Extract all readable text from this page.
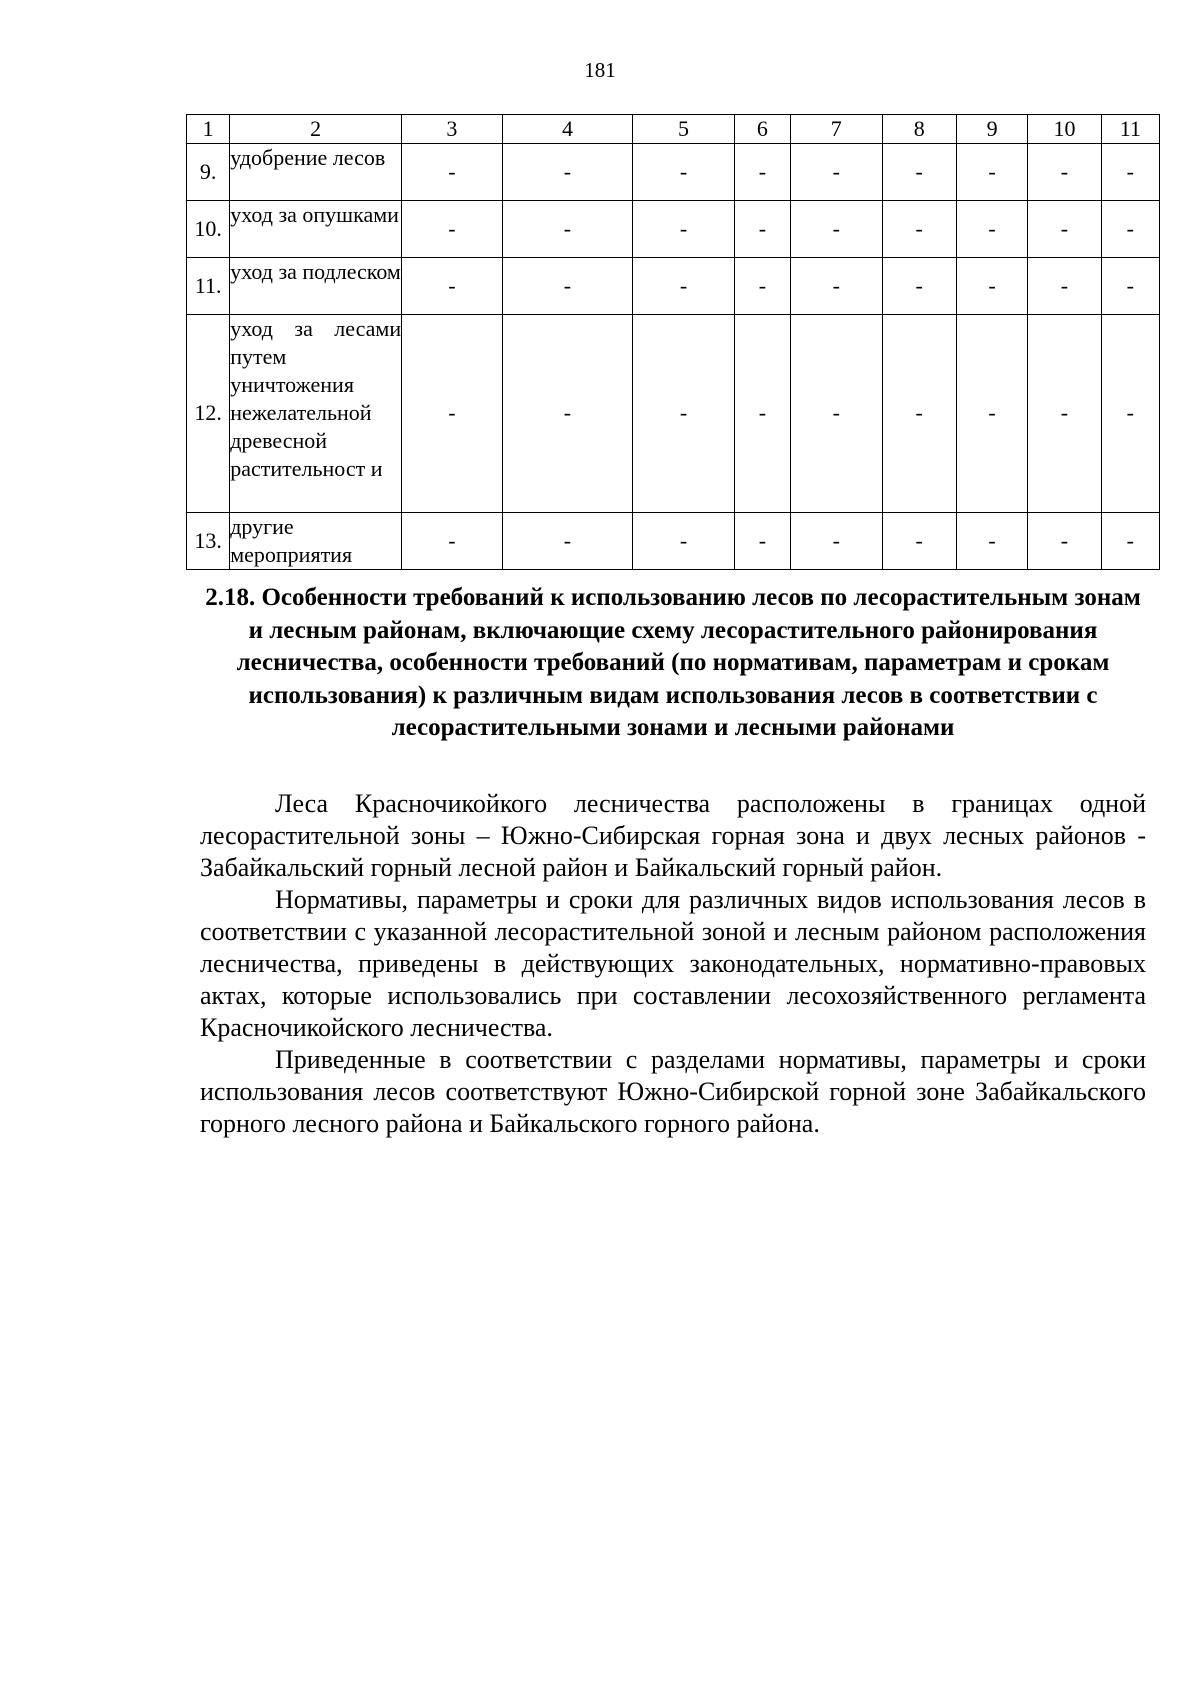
181
1	2	3	4	5	6	7	8	9	10	11
9.	удобрение лесов	-	-	-	-	-	-	-	-	-
10.	уход за опушками	-	-	-	-	-	-	-	-	-
11.	уход за подлеском	-	-	-	-	-	-	-	-	-
12.	уход за лесами путем уничтожения нежелательной древесной растительност и	-	-	-	-	-	-	-	-	-
13.	другие мероприятия	-	-	-	-	-	-	-	-	-
2.18. Особенности требований к использованию лесов по лесорастительным зонам и лесным районам, включающие схему лесорастительного районирования лесничества, особенности требований (по нормативам, параметрам и срокам использования) к различным видам использования лесов в соответствии с лесорастительными зонами и лесными районами

Леса Красночикойкого лесничества расположены в границах одной лесорастительной зоны – Южно-Сибирская горная зона и двух лесных районов - Забайкальский горный лесной район и Байкальский горный район.

Нормативы, параметры и сроки для различных видов использования лесов в соответствии с указанной лесорастительной зоной и лесным районом расположения лесничества, приведены в действующих законодательных, нормативно-правовых актах, которые использовались при составлении лесохозяйственного регламента Красночикойского лесничества.

Приведенные в соответствии с разделами нормативы, параметры и сроки использования лесов соответствуют Южно-Сибирской горной зоне Забайкальского горного лесного района и Байкальского горного района.
